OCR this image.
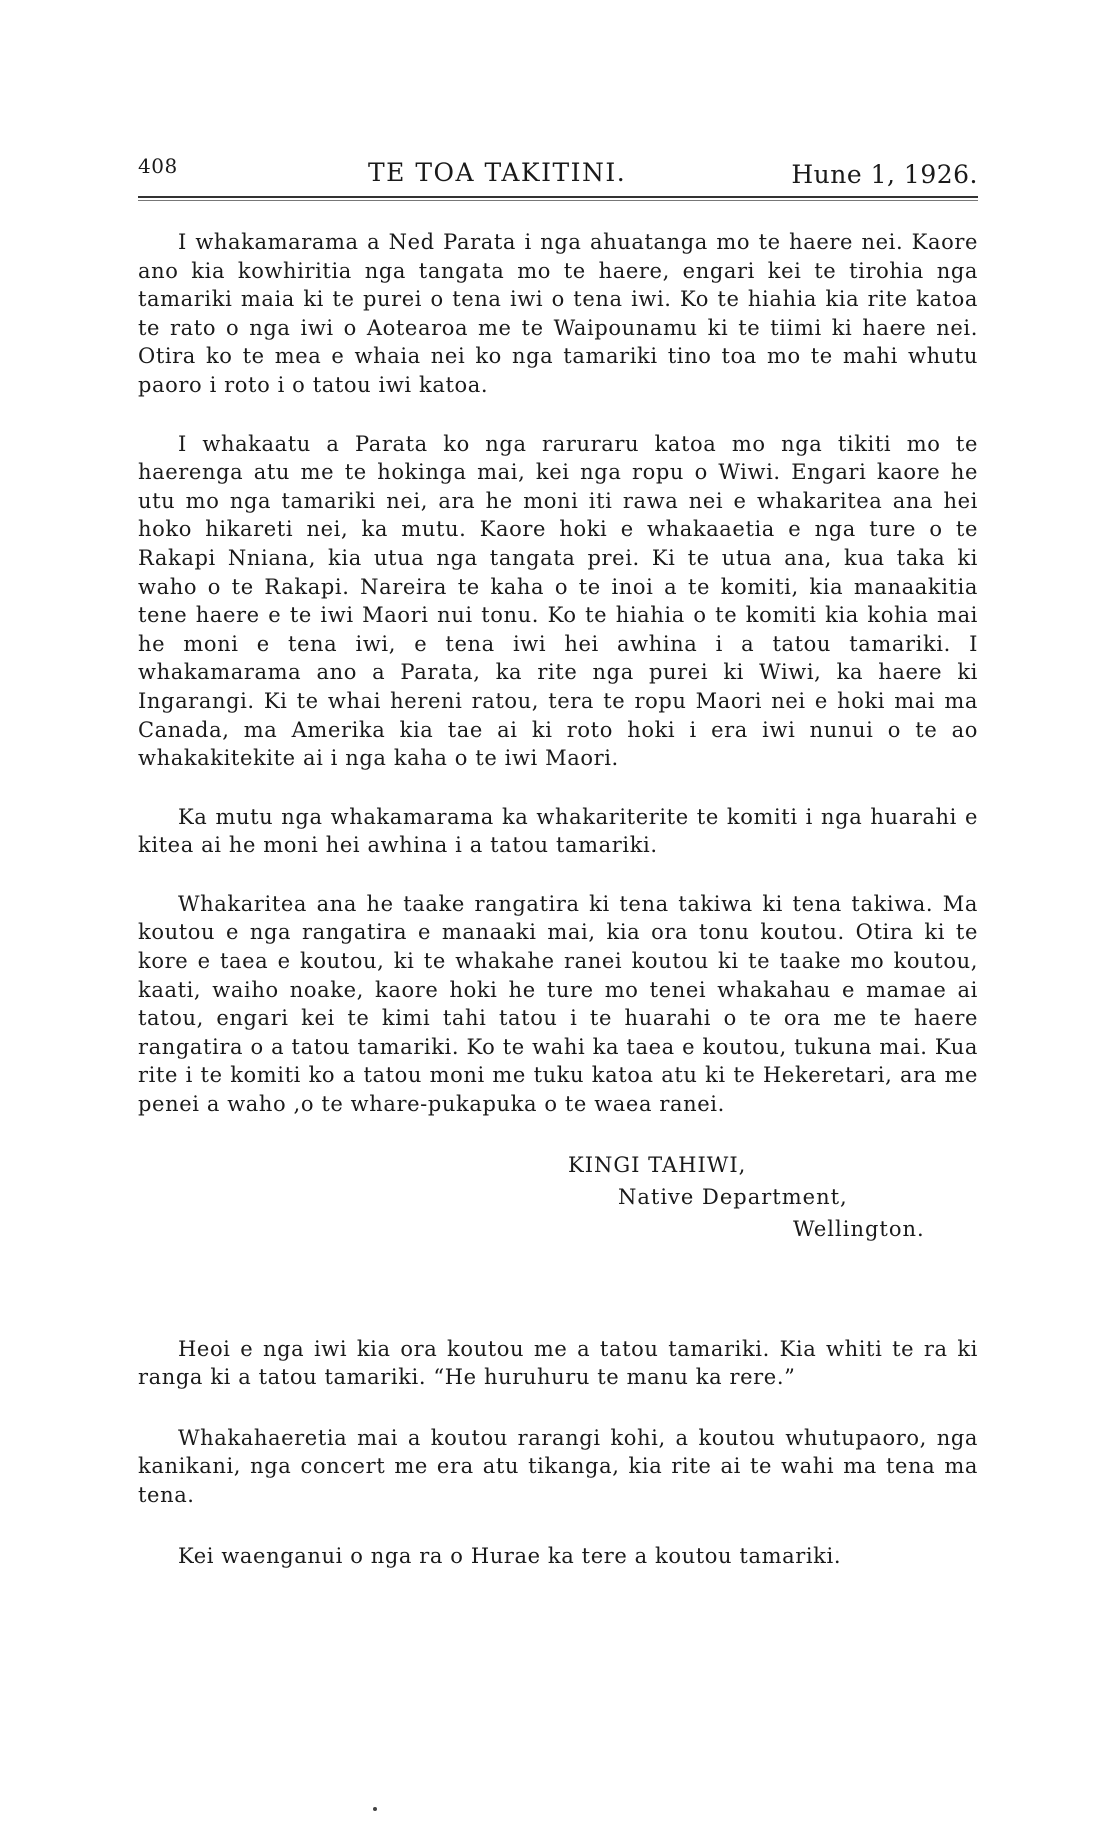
408	TE TOA TAKITINI.	Hune 1, 1926.

I whakamarama a Ned Parata i nga ahuatanga mo te haere nei. Kaore ano kia kowhiritia nga tangata mo te haere, engari kei te tirohia nga tamariki maia ki te purei o tena iwi o tena iwi. Ko te hiahia kia rite katoa te rato o nga iwi o Aotearoa me te Waipounamu ki te tiimi ki haere nei. Otira ko te mea e whaia nei ko nga tamariki tino toa mo te mahi whutu paoro i roto i o tatou iwi katoa.

I whakaatu a Parata ko nga raruraru katoa mo nga tikiti mo te haerenga atu me te hokinga mai, kei nga ropu o Wiwi. Engari kaore he utu mo nga tamariki nei, ara he moni iti rawa nei e whakaritea ana hei hoko hikareti nei, ka mutu. Kaore hoki e whakaaetia e nga ture o te Rakapi Nniana, kia utua nga tangata prei. Ki te utua ana, kua taka ki waho o te Rakapi. Nareira te kaha o te inoi a te komiti, kia manaakitia tene haere e te iwi Maori nui tonu. Ko te hiahia o te komiti kia kohia mai he moni e tena iwi, e tena iwi hei awhina i a tatou tamariki. I whakamarama ano a Parata, ka rite nga purei ki Wiwi, ka haere ki Ingarangi. Ki te whai hereni ratou, tera te ropu Maori nei e hoki mai ma Canada, ma Amerika kia tae ai ki roto hoki i era iwi nunui o te ao whakakitekite ai i nga kaha o te iwi Maori.

Ka mutu nga whakamarama ka whakariterite te komiti i nga huarahi e kitea ai he moni hei awhina i a tatou tamariki.

Whakaritea ana he taake rangatira ki tena takiwa ki tena takiwa. Ma koutou e nga rangatira e manaaki mai, kia ora tonu koutou. Otira ki te kore e taea e koutou, ki te whakahe ranei koutou ki te taake mo koutou, kaati, waiho noake, kaore hoki he ture mo tenei whakahau e mamae ai tatou, engari kei te kimi tahi tatou i te huarahi o te ora me te haere rangatira o a tatou tamariki. Ko te wahi ka taea e koutou, tukuna mai. Kua rite i te komiti ko a tatou moni me tuku katoa atu ki te Hekeretari, ara me penei a waho ,o te whare-pukapuka o te waea ranei.

KINGI TAHIWI,
Native Department,
Wellington.

Heoi e nga iwi kia ora koutou me a tatou tamariki. Kia whiti te ra ki ranga ki a tatou tamariki. “He huruhuru te manu ka rere.”

Whakahaeretia mai a koutou rarangi kohi, a koutou whutupaoro, nga kanikani, nga concert me era atu tikanga, kia rite ai te wahi ma tena ma tena.

Kei waenganui o nga ra o Hurae ka tere a koutou tamariki.
